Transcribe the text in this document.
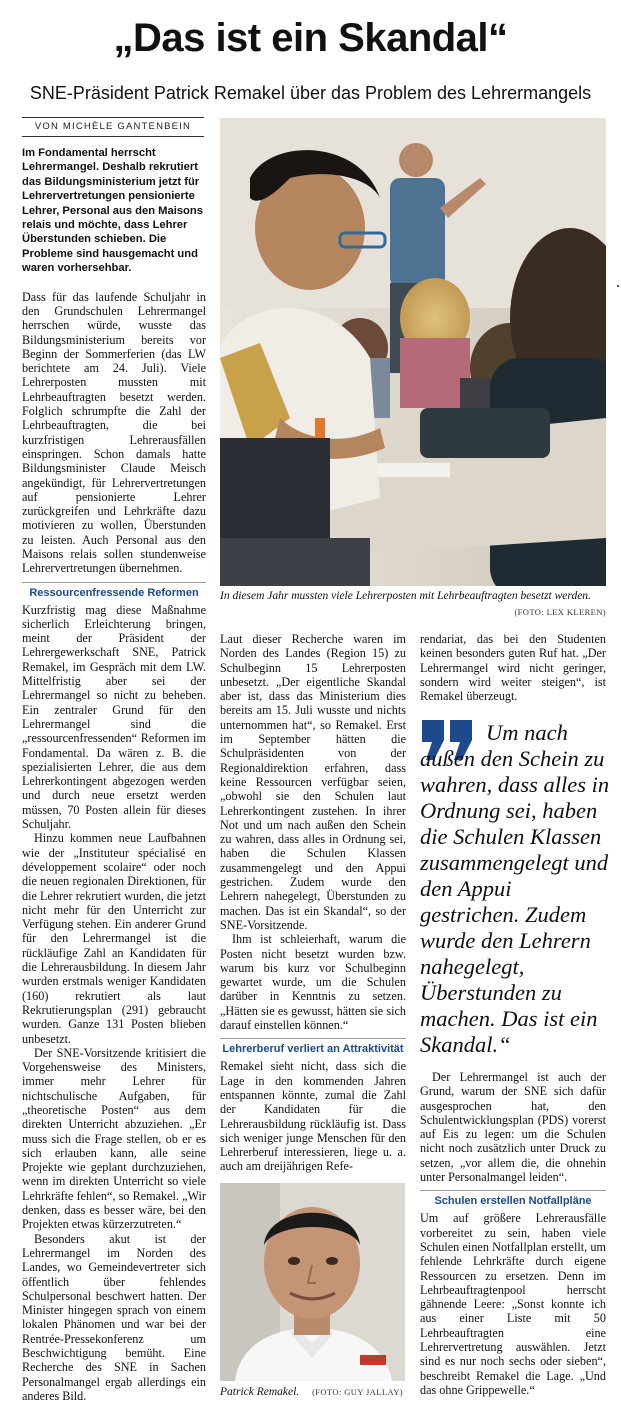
„Das ist ein Skandal“
SNE-Präsident Patrick Remakel über das Problem des Lehrermangels
VON MICHÈLE GANTENBEIN

Im Fondamental herrscht Lehrermangel. Deshalb rekrutiert das Bildungsministerium jetzt für Lehrervertretungen pensionierte Lehrer, Personal aus den Maisons relais und möchte, dass Lehrer Überstunden schieben. Die Probleme sind hausgemacht und waren vorhersehbar.

Dass für das laufende Schuljahr in den Grundschulen Lehrermangel herrschen würde, wusste das Bildungsministerium bereits vor Beginn der Sommerferien (das LW berichtete am 24. Juli). Viele Lehrerposten mussten mit Lehrbeauftragten besetzt werden. Folglich schrumpfte die Zahl der Lehrbeauftragten, die bei kurzfristigen Lehrerausfällen einspringen. Schon damals hatte Bildungsminister Claude Meisch angekündigt, für Lehrervertretungen auf pensionierte Lehrer zurückgreifen und Lehrkräfte dazu motivieren zu wollen, Überstunden zu leisten. Auch Personal aus den Maisons relais sollen stundenweise Lehrervertretungen übernehmen.

Ressourcenfressende Reformen

Kurzfristig mag diese Maßnahme sicherlich Erleichterung bringen, meint der Präsident der Lehrergewerkschaft SNE, Patrick Remakel, im Gespräch mit dem LW. Mittelfristig aber sei der Lehrermangel so nicht zu beheben. Ein zentraler Grund für den Lehrermangel sind die „ressourcenfressenden“ Reformen im Fondamental. Da wären z. B. die spezialisierten Lehrer, die aus dem Lehrerkontingent abgezogen werden und durch neue ersetzt werden müssen, 70 Posten allein für dieses Schuljahr.

Hinzu kommen neue Laufbahnen wie der „Instituteur spécialisé en développement scolaire“ oder noch die neuen regionalen Direktionen, für die Lehrer rekrutiert wurden, die jetzt nicht mehr für den Unterricht zur Verfügung stehen. Ein anderer Grund für den Lehrermangel ist die rückläufige Zahl an Kandidaten für die Lehrerausbildung. In diesem Jahr wurden erstmals weniger Kandidaten (160) rekrutiert als laut Rekrutierungsplan (291) gebraucht wurden. Ganze 131 Posten blieben unbesetzt.

Der SNE-Vorsitzende kritisiert die Vorgehensweise des Ministers, immer mehr Lehrer für nichtschulische Aufgaben, für „theoretische Posten“ aus dem direkten Unterricht abzuziehen. „Er muss sich die Frage stellen, ob er es sich erlauben kann, alle seine Projekte wie geplant durchzuziehen, wenn im direkten Unterricht so viele Lehrkräfte fehlen“, so Remakel. „Wir denken, dass es besser wäre, bei den Projekten etwas kürzerzutreten.“

Besonders akut ist der Lehrermangel im Norden des Landes, wo Gemeindevertreter sich öffentlich über fehlendes Schulpersonal beschwert hatten. Der Minister hingegen sprach von einem lokalen Phänomen und war bei der Rentrée-Pressekonferenz um Beschwichtigung bemüht. Eine Recherche des SNE in Sachen Personalmangel ergab allerdings ein anderes Bild.

In diesem Jahr mussten viele Lehrerposten mit Lehrbeauftragten besetzt werden.
(FOTO: LEX KLEREN)

Laut dieser Recherche waren im Norden des Landes (Region 15) zu Schulbeginn 15 Lehrerposten unbesetzt. „Der eigentliche Skandal aber ist, dass das Ministerium dies bereits am 15. Juli wusste und nichts unternommen hat“, so Remakel. Erst im September hätten die Schulpräsidenten von der Regionaldirektion erfahren, dass keine Ressourcen verfügbar seien, „obwohl sie den Schulen laut Lehrerkontingent zustehen. In ihrer Not und um nach außen den Schein zu wahren, dass alles in Ordnung sei, haben die Schulen Klassen zusammengelegt und den Appui gestrichen. Zudem wurde den Lehrern nahegelegt, Überstunden zu machen. Das ist ein Skandal“, so der SNE-Vorsitzende.

Ihm ist schleierhaft, warum die Posten nicht besetzt wurden bzw. warum bis kurz vor Schulbeginn gewartet wurde, um die Schulen darüber in Kenntnis zu setzen. „Hätten sie es gewusst, hätten sie sich darauf einstellen können.“

Lehrerberuf verliert an Attraktivität

Remakel sieht nicht, dass sich die Lage in den kommenden Jahren entspannen könnte, zumal die Zahl der Kandidaten für die Lehrerausbildung rückläufig ist. Dass sich weniger junge Menschen für den Lehrerberuf interessieren, liege u. a. auch am dreijährigen Refe-

Patrick Remakel. (FOTO: GUY JALLAY)

rendariat, das bei den Studenten keinen besonders guten Ruf hat. „Der Lehrermangel wird nicht geringer, sondern wird weiter steigen“, ist Remakel überzeugt.

Um nach außen den Schein zu wahren, dass alles in Ordnung sei, haben die Schulen Klassen zusammengelegt und den Appui gestrichen. Zudem wurde den Lehrern nahegelegt, Überstunden zu machen. Das ist ein Skandal.“

Der Lehrermangel ist auch der Grund, warum der SNE sich dafür ausgesprochen hat, den Schulentwicklungsplan (PDS) vorerst auf Eis zu legen: um die Schulen nicht noch zusätzlich unter Druck zu setzen, „vor allem die, die ohnehin unter Personalmangel leiden“.

Schulen erstellen Notfallpläne

Um auf größere Lehrerausfälle vorbereitet zu sein, haben viele Schulen einen Notfallplan erstellt, um fehlende Lehrkräfte durch eigene Ressourcen zu ersetzen. Denn im Lehrbeauftragtenpool herrscht gähnende Leere: „Sonst konnte ich aus einer Liste mit 50 Lehrbeauftragten eine Lehrervertretung auswählen. Jetzt sind es nur noch sechs oder sieben“, beschreibt Remakel die Lage. „Und das ohne Grippewelle.“
